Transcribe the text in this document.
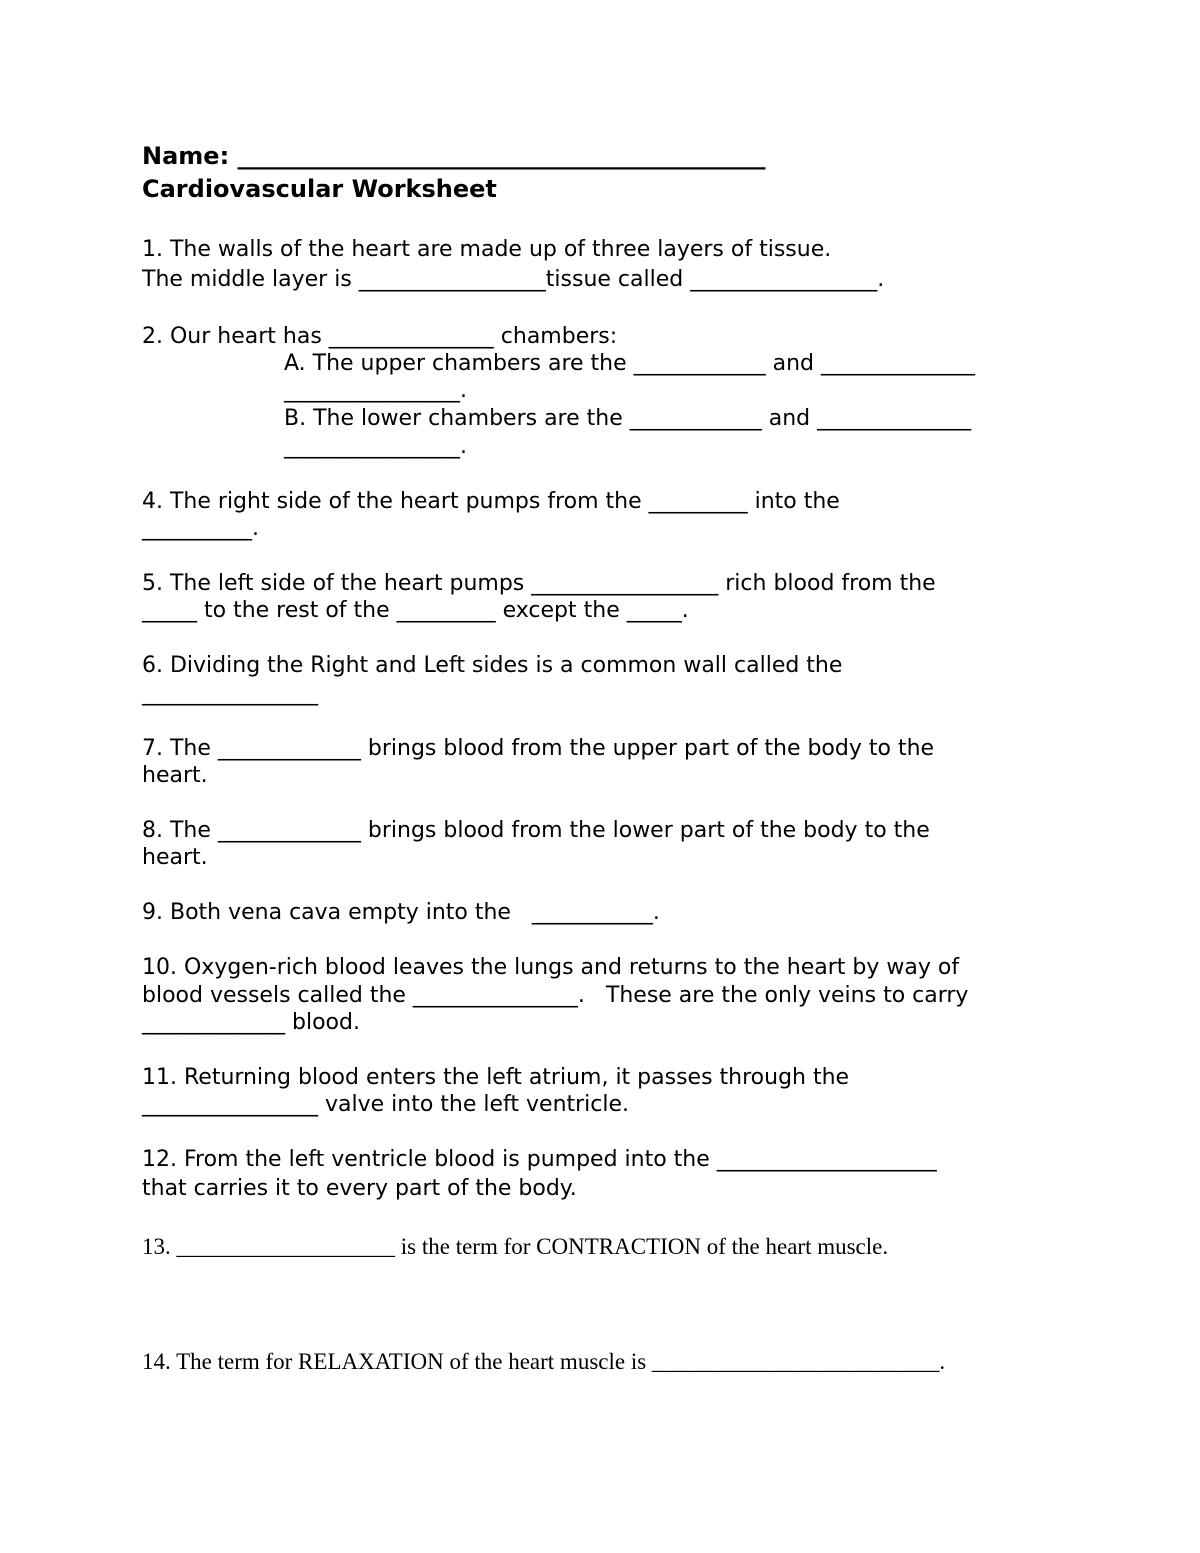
Name: ____________________________________________

Cardiovascular Worksheet

1. The walls of the heart are made up of three layers of tissue.

The middle layer is _________________tissue called _________________.

2. Our heart has _______________ chambers:

A. The upper chambers are the ____________ and ______________

________________.

B. The lower chambers are the ____________ and ______________

________________.

4. The right side of the heart pumps from the _________ into the

__________.

5. The left side of the heart pumps _________________ rich blood from the

_____ to the rest of the _________ except the _____.

6. Dividing the Right and Left sides is a common wall called the

________________

7. The _____________ brings blood from the upper part of the body to the

heart.

8. The _____________ brings blood from the lower part of the body to the

heart.

9. Both vena cava empty into the   ___________.

10. Oxygen-rich blood leaves the lungs and returns to the heart by way of

blood vessels called the _______________.   These are the only veins to carry

_____________ blood.

11. Returning blood enters the left atrium, it passes through the

________________ valve into the left ventricle.

12. From the left ventricle blood is pumped into the ____________________

that carries it to every part of the body.

13. ___________________ is the term for CONTRACTION of the heart muscle.

14. The term for RELAXATION of the heart muscle is _________________________.
